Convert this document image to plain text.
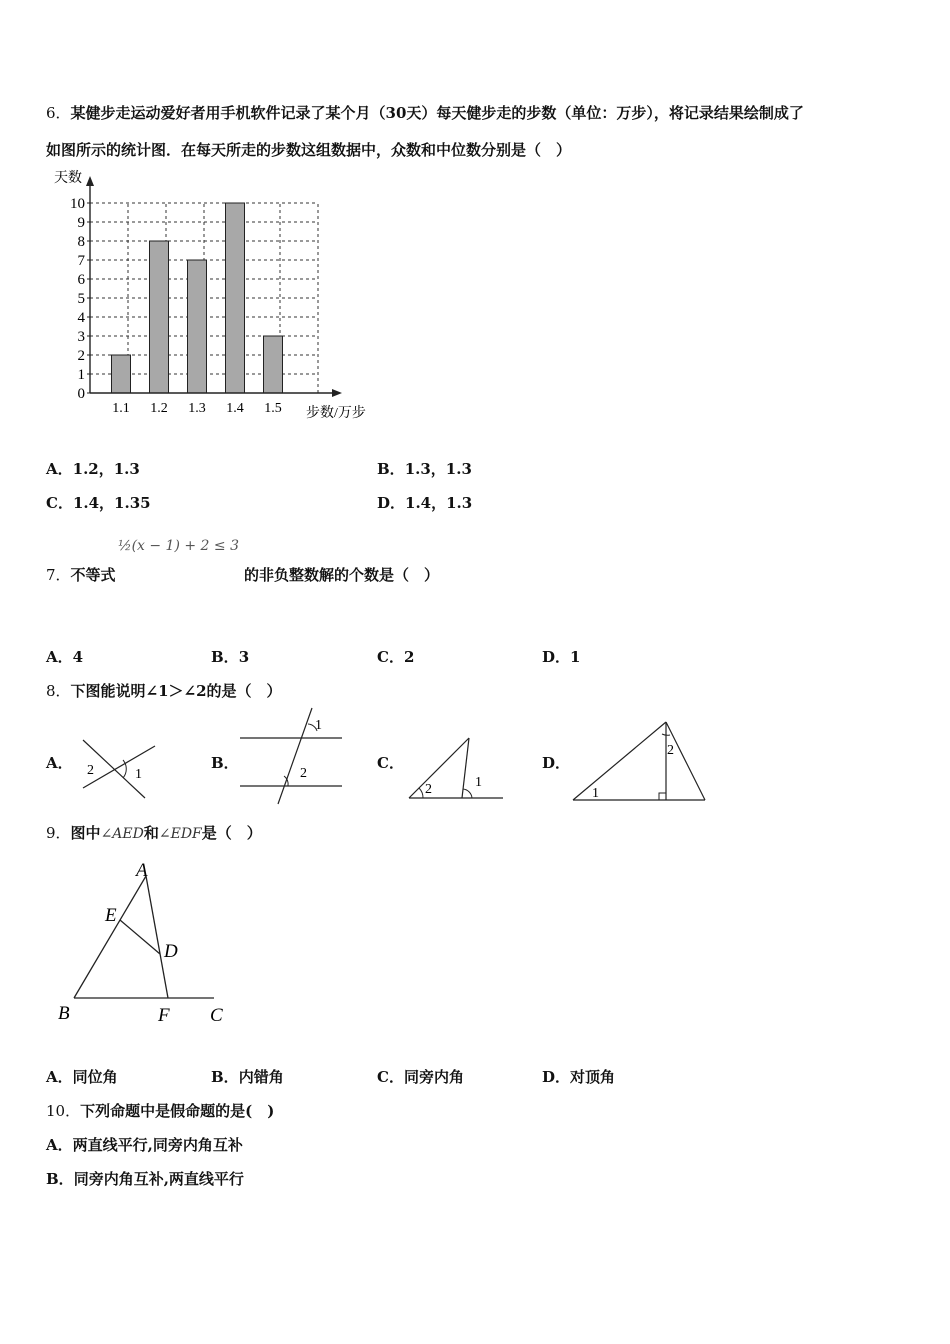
6．某健步走运动爱好者用手机软件记录了某个月（30天）每天健步走的步数（单位：万步），将记录结果绘制成了
如图所示的统计图．在每天所走的步数这组数据中，众数和中位数分别是（　）
0
1
2
3
4
5
6
7
8
9
10
1.1 1.2 1.3 1.4 1.5
天数
步数/万步
A．1.2，1.3	B．1.3，1.3
C．1.4，1.35	D．1.4，1.3
½(x − 1) + 2 ≤ 3
7．不等式	的非负整数解的个数是（　）
A．4	B．3	C．2	D．1
8．下图能说明∠1＞∠2的是（　）
A．
1
2	B．
1
2
C．
2	1
D．
2
1
9．图中∠AED和∠EDF是（　）
A
E
D
B	F C
A．同位角	B．内错角	C．同旁内角	D．对顶角
10．下列命题中是假命题的是(　)
A．两直线平行,同旁内角互补
B．同旁内角互补,两直线平行
